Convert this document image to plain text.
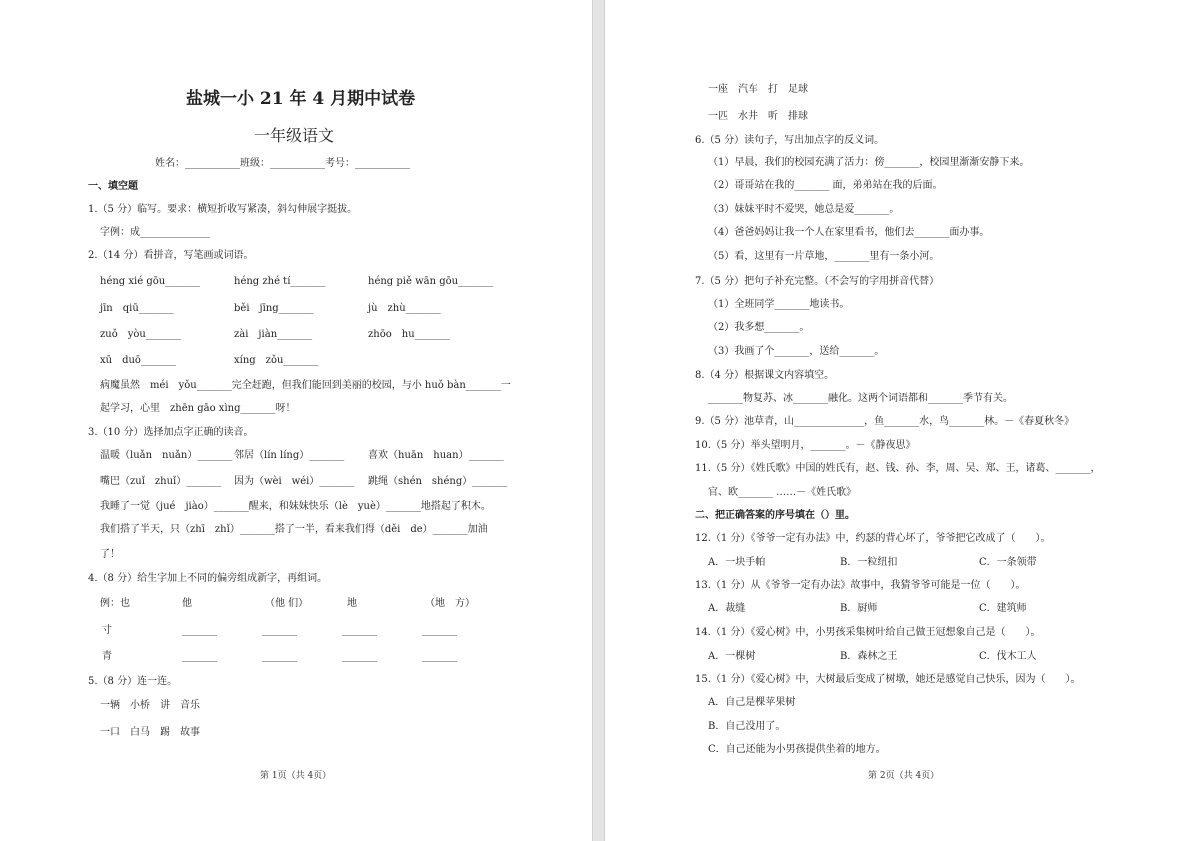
盐城一小 21 年 4 月期中试卷
一年级语文
姓名：___________班级：___________考号：___________
一、填空题
1.（5 分）临写。要求：横短折收写紧凑，斜勾伸展字挺拔。
字例：成______________
2.（14 分）看拼音，写笔画或词语。
héng xié gōu_______	héng zhé tí_______	héng piě wān gōu_______
jīn　qiū_______	běi　jīng_______	jù　zhù_______
zuǒ　yòu_______	zài　jiàn_______	zhōo　hu_______
xū　duō_______	xíng　zǒu_______
病魔虽然　méi　yǒu_______完全赶跑，但我们能回到美丽的校园，与小 huǒ bàn_______一
起学习，心里　zhēn gāo xìng_______呀！
3.（10 分）选择加点字正确的读音。
温暖（luǎn　nuǎn）_______ 邻居（lín líng）_______ 喜欢（huān　huan）_______
嘴巴（zuǐ　zhuǐ）_______ 因为（wèi　wéi）_______ 跳绳（shén　shéng）_______
我睡了一觉（jué　jiào）_______醒来，和妹妹快乐（lè　yuè）_______地搭起了积木。
我们搭了半天，只（zhī　zhǐ）_______搭了一半，看来我们得（děi　de）_______加油
了！
4.（8 分）给生字加上不同的偏旁组成新字，再组词。
例：也	他	（他 们）	地	（地　方）
寸	_______	_______	_______	_______
青	_______	_______	_______	_______
5.（8 分）连一连。
一辆　小桥　讲　音乐
一口　白马　踢　故事
第 1页（共 4页）
一座　汽车　打　足球
一匹　水井　听　排球
6.（5 分）读句子，写出加点字的反义词。
（1）早晨，我们的校园充满了活力：傍_______，校园里渐渐安静下来。
（2）哥哥站在我的_______ 面，弟弟站在我的后面。
（3）妹妹平时不爱哭，她总是爱_______。
（4）爸爸妈妈让我一个人在家里看书，他们去_______面办事。
（5）看，这里有一片草地，_______里有一条小河。
7.（5 分）把句子补充完整。（不会写的字用拼音代替）
（1）全班同学_______地读书。
（2）我多想_______。
（3）我画了个_______，送给_______。
8.（4 分）根据课文内容填空。
_______物复苏、冰_______融化。这两个词语都和_______季节有关。
9.（5 分）池草青，山______________，鱼_______水，鸟_______林。－《春夏秋冬》
10.（5 分）举头望明月，_______。－《静夜思》
11.（5 分）《姓氏歌》中国的姓氏有，赵、钱、孙、李，周、吴、郑、王，诸葛、_______，
官、欧_______ ……－《姓氏歌》
二、把正确答案的序号填在（）里。
12.（1 分）《爷爷一定有办法》中，约瑟的背心坏了，爷爷把它改成了（　　）。
A．一块手帕	B．一粒纽扣	C．一条领带
13.（1 分）从《爷爷一定有办法》故事中，我猜爷爷可能是一位（　　）。
A．裁缝	B．厨师	C．建筑师
14.（1 分）《爱心树》中，小男孩采集树叶给自己做王冠想象自己是（　　）。
A．一棵树	B．森林之王	C．伐木工人
15.（1 分）《爱心树》中，大树最后变成了树墩，她还是感觉自己快乐，因为（　　）。
A．自己是棵苹果树
B．自己没用了。
C．自己还能为小男孩提供坐着的地方。
第 2页（共 4页）
